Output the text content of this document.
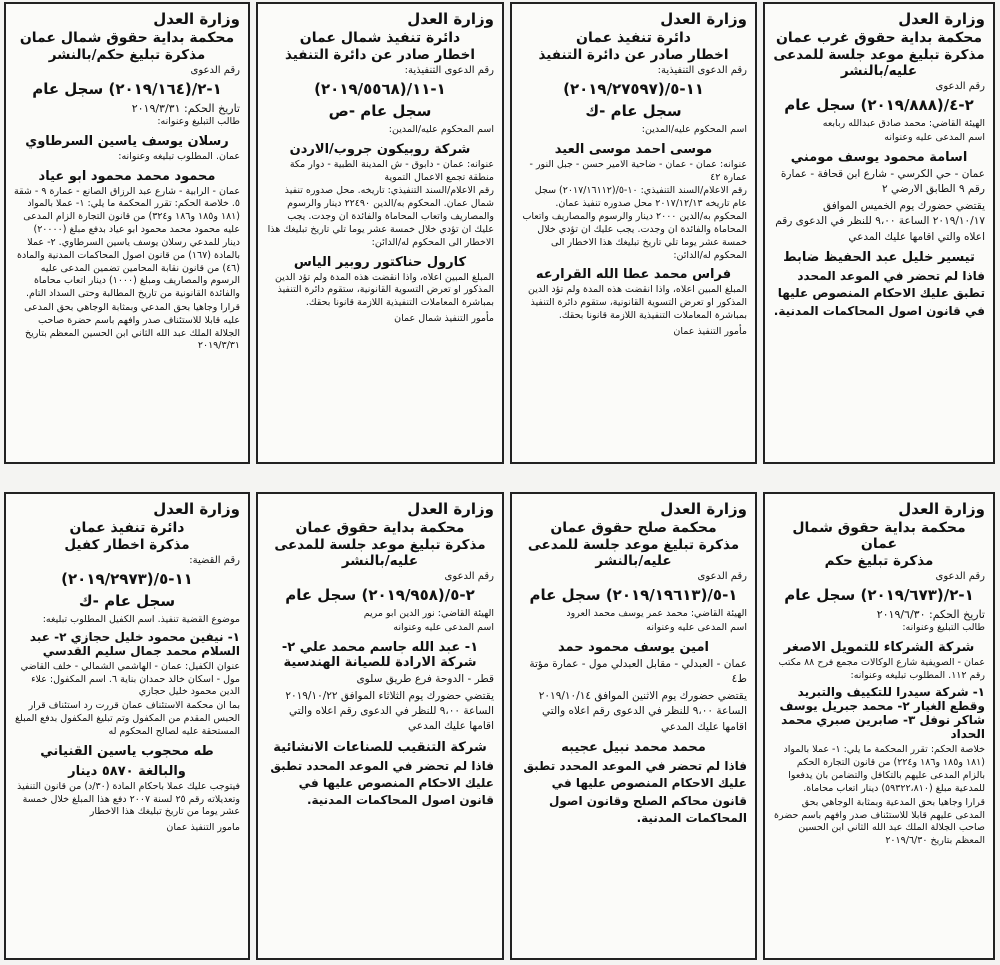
وزارة العدل
محكمة بداية حقوق غرب عمان
مذكرة تبليغ موعد جلسة للمدعى عليه/بالنشر
رقم الدعوى
٢-٤/(٢٠١٩/٨٨٨) سجل عام
الهيئة القاضي: محمد صادق عبدالله ربابعه
اسم المدعى عليه وعنوانه
اسامة محمود يوسف مومني
عمان - حي الكرسي - شارع ابن قحافة - عمارة رقم ٩ الطابق الارضي ٢
يقتضي حضورك يوم الخميس الموافق ٢٠١٩/١٠/١٧ الساعة ٩،٠٠ للنظر في الدعوى رقم اعلاه والتي اقامها عليك المدعي
تيسير خليل عبد الحفيظ ضابط
فاذا لم تحضر في الموعد المحدد تطبق عليك الاحكام المنصوص عليها في قانون اصول المحاكمات المدنية.
وزارة العدل
دائرة تنفيذ عمان
اخطار صادر عن دائرة التنفيذ
رقم الدعوى التنفيذية:
١١-٥/(٢٠١٩/٢٧٥٩٧)
سجل عام -ك
اسم المحكوم عليه/المدين:
موسى احمد موسى العيد
عنوانه: عمان - عمان - ضاحية الامير حسن - جبل النور - عمارة ٤٢
رقم الاعلام/السند التنفيذي: ١٠-٥/(٢٠١٧/١٦١١٢) سجل عام تاريخه ٢٠١٧/١٢/١٣ محل صدوره تنفيذ عمان. المحكوم به/الدين ٢٠٠٠ دينار والرسوم والمصاريف واتعاب المحاماة والفائدة ان وجدت. يجب عليك ان تؤدي خلال خمسة عشر يوما تلي تاريخ تبليغك هذا الاخطار الى المحكوم له/الدائن:
فراس محمد عطا الله القرارعه
المبلغ المبين اعلاه، واذا انقضت هذه المدة ولم تؤد الدين المذكور او تعرض التسوية القانونية، ستقوم دائرة التنفيذ بمباشرة المعاملات التنفيذية اللازمة قانونا بحقك.
مأمور التنفيذ عمان
وزارة العدل
دائرة تنفيذ شمال عمان
اخطار صادر عن دائرة التنفيذ
رقم الدعوى التنفيذية:
١-١١/(٢٠١٩/٥٥٦٨)
سجل عام -ص
اسم المحكوم عليه/المدين:
شركة روبيكون جروب/الاردن
عنوانه: عمان - دابوق - ش المدينة الطبية - دوار مكة منطقة تجمع الاعمال التموية
رقم الاعلام/السند التنفيذي: تاريخه. محل صدوره تنفيذ شمال عمان. المحكوم به/الدين ٢٢٤٩٠ دينار والرسوم والمصاريف واتعاب المحاماة والفائدة ان وجدت. يجب عليك ان تؤدي خلال خمسة عشر يوما تلي تاريخ تبليغك هذا الاخطار الى المحكوم له/الدائن:
كارول حناكتور روبير الياس
المبلغ المبين اعلاه، واذا انقضت هذه المدة ولم تؤد الدين المذكور او تعرض التسوية القانونية، ستقوم دائرة التنفيذ بمباشرة المعاملات التنفيذية اللازمة قانونا بحقك.
مأمور التنفيذ شمال عمان
وزارة العدل
محكمة بداية حقوق شمال عمان
مذكرة تبليغ حكم/بالنشر
رقم الدعوى
١-٢/(٢٠١٩/١٦٤) سجل عام
تاريخ الحكم: ٢٠١٩/٣/٣١
طالب التبليغ وعنوانه:
رسلان يوسف ياسين السرطاوي
عمان. المطلوب تبليغه وعنوانه:
محمود محمد محمود ابو عياد
عمان - الرابية - شارع عبد الرزاق الصانع - عمارة ٩ - شقة ٥. خلاصة الحكم: تقرر المحكمة ما يلي: ١- عملا بالمواد (١٨١ و١٨٥ و١٨٦ و٣٢٤) من قانون التجارة الزام المدعى عليه محمود محمد محمود ابو عياد بدفع مبلغ (٢٠٠٠٠) دينار للمدعي رسلان يوسف ياسين السرطاوي. ٢- عملا بالمادة (١٦٧) من قانون اصول المحاكمات المدنية والمادة (٤٦) من قانون نقابة المحامين تضمين المدعى عليه الرسوم والمصاريف ومبلغ (١٠٠٠) دينار اتعاب محاماة والفائدة القانونية من تاريخ المطالبة وحتى السداد التام.
قرارا وجاهيا بحق المدعي وبمثابة الوجاهي بحق المدعى عليه قابلا للاستئناف صدر وافهم باسم حضرة صاحب الجلالة الملك عبد الله الثاني ابن الحسين المعظم بتاريخ ٢٠١٩/٣/٣١
وزارة العدل
محكمة بداية حقوق شمال عمان
مذكرة تبليغ حكم
رقم الدعوى
١-٢/(٢٠١٩/٦٧٣) سجل عام
تاريخ الحكم: ٢٠١٩/٦/٣٠
طالب التبليغ وعنوانه:
شركة الشركاء للتمويل الاصغر
عمان - الصويفية شارع الوكالات مجمع فرح ٨٨ مكتب رقم ١١٢. المطلوب تبليغه وعنوانه:
١- شركة سيدرا للتكييف والتبريد وقطع الغيار ٢- محمد جبريل يوسف شاكر نوفل ٣- صابرين صبري محمد الحداد
خلاصة الحكم: تقرر المحكمة ما يلي: ١- عملا بالمواد (١٨١ و١٨٥ و١٨٦ و٢٢٤) من قانون التجارة الحكم بالزام المدعى عليهم بالتكافل والتضامن بان يدفعوا للمدعية مبلغ (٥٩٣٢٢،٨١٠) دينار اتعاب محاماة.
قرارا وجاهيا بحق المدعية وبمثابة الوجاهي بحق المدعى عليهم قابلا للاستئناف صدر وافهم باسم حضرة صاحب الجلالة الملك عبد الله الثاني ابن الحسين المعظم بتاريخ ٢٠١٩/٦/٣٠
وزارة العدل
محكمة صلح حقوق عمان
مذكرة تبليغ موعد جلسة للمدعى عليه/بالنشر
رقم الدعوى
١-٥/(٢٠١٩/١٩٦١٣) سجل عام
الهيئة القاضي: محمد عمر يوسف محمد العرود
اسم المدعى عليه وعنوانه
امين يوسف محمود حمد
عمان - العبدلي - مقابل العبدلي مول - عمارة مؤتة ط٤
يقتضي حضورك يوم الاثنين الموافق ٢٠١٩/١٠/١٤ الساعة ٩،٠٠ للنظر في الدعوى رقم اعلاه والتي اقامها عليك المدعي
محمد محمد نبيل عجيبه
فاذا لم تحضر في الموعد المحدد تطبق عليك الاحكام المنصوص عليها في قانون محاكم الصلح وقانون اصول المحاكمات المدنية.
وزارة العدل
محكمة بداية حقوق عمان
مذكرة تبليغ موعد جلسة للمدعى عليه/بالنشر
رقم الدعوى
٢-٥/(٢٠١٩/٩٥٨) سجل عام
الهيئة القاضي: نور الدين ابو مريم
اسم المدعى عليه وعنوانه
١- عبد الله جاسم محمد علي ٢- شركة الارادة للصيانة الهندسية
قطر - الدوحة فرع طريق سلوى
يقتضي حضورك يوم الثلاثاء الموافق ٢٠١٩/١٠/٢٢ الساعة ٩،٠٠ للنظر في الدعوى رقم اعلاه والتي اقامها عليك المدعي
شركة التنقيب للصناعات الانشائية
فاذا لم تحضر في الموعد المحدد تطبق عليك الاحكام المنصوص عليها في قانون اصول المحاكمات المدنية.
وزارة العدل
دائرة تنفيذ عمان
مذكرة اخطار كفيل
رقم القضية:
١١-٥/(٢٠١٩/٢٩٧٣)
سجل عام -ك
موضوع القضية تنفيذ. اسم الكفيل المطلوب تبليغه:
١- نيفين محمود خليل حجازي ٢- عبد السلام محمد جمال سليم القدسي
عنوان الكفيل: عمان - الهاشمي الشمالي - خلف القاضي مول - اسكان خالد حمدان بناية ٦. اسم المكفول: علاء الدين محمود خليل حجازي
بما ان محكمة الاستئناف عمان قررت رد استئناف قرار الحبس المقدم من المكفول وتم تبليغ المكفول بدفع المبلغ المستحقة عليه لصالح المحكوم له
طه محجوب ياسين القنياني
والبالغة ٥٨٧٠ دينار
فيتوجب عليك عملا باحكام المادة (٣٠/د) من قانون التنفيذ وتعديلاته رقم ٢٥ لسنة ٢٠٠٧ دفع هذا المبلغ خلال خمسة عشر يوما من تاريخ تبليغك هذا الاخطار
مامور التنفيذ عمان
